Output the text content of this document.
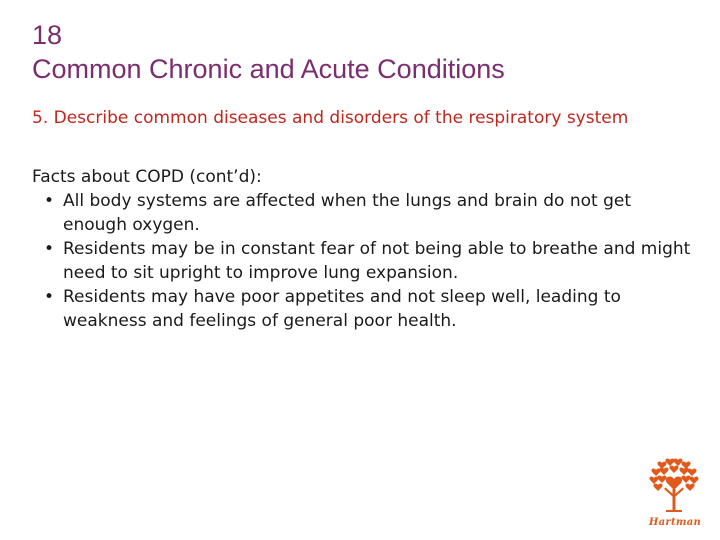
18
Common Chronic and Acute Conditions
5. Describe common diseases and disorders of the respiratory system
Facts about COPD (cont’d):
• All body systems are affected when the lungs and brain do not get enough oxygen.
• Residents may be in constant fear of not being able to breathe and might need to sit upright to improve lung expansion.
• Residents may have poor appetites and not sleep well, leading to weakness and feelings of general poor health.
Hartman
